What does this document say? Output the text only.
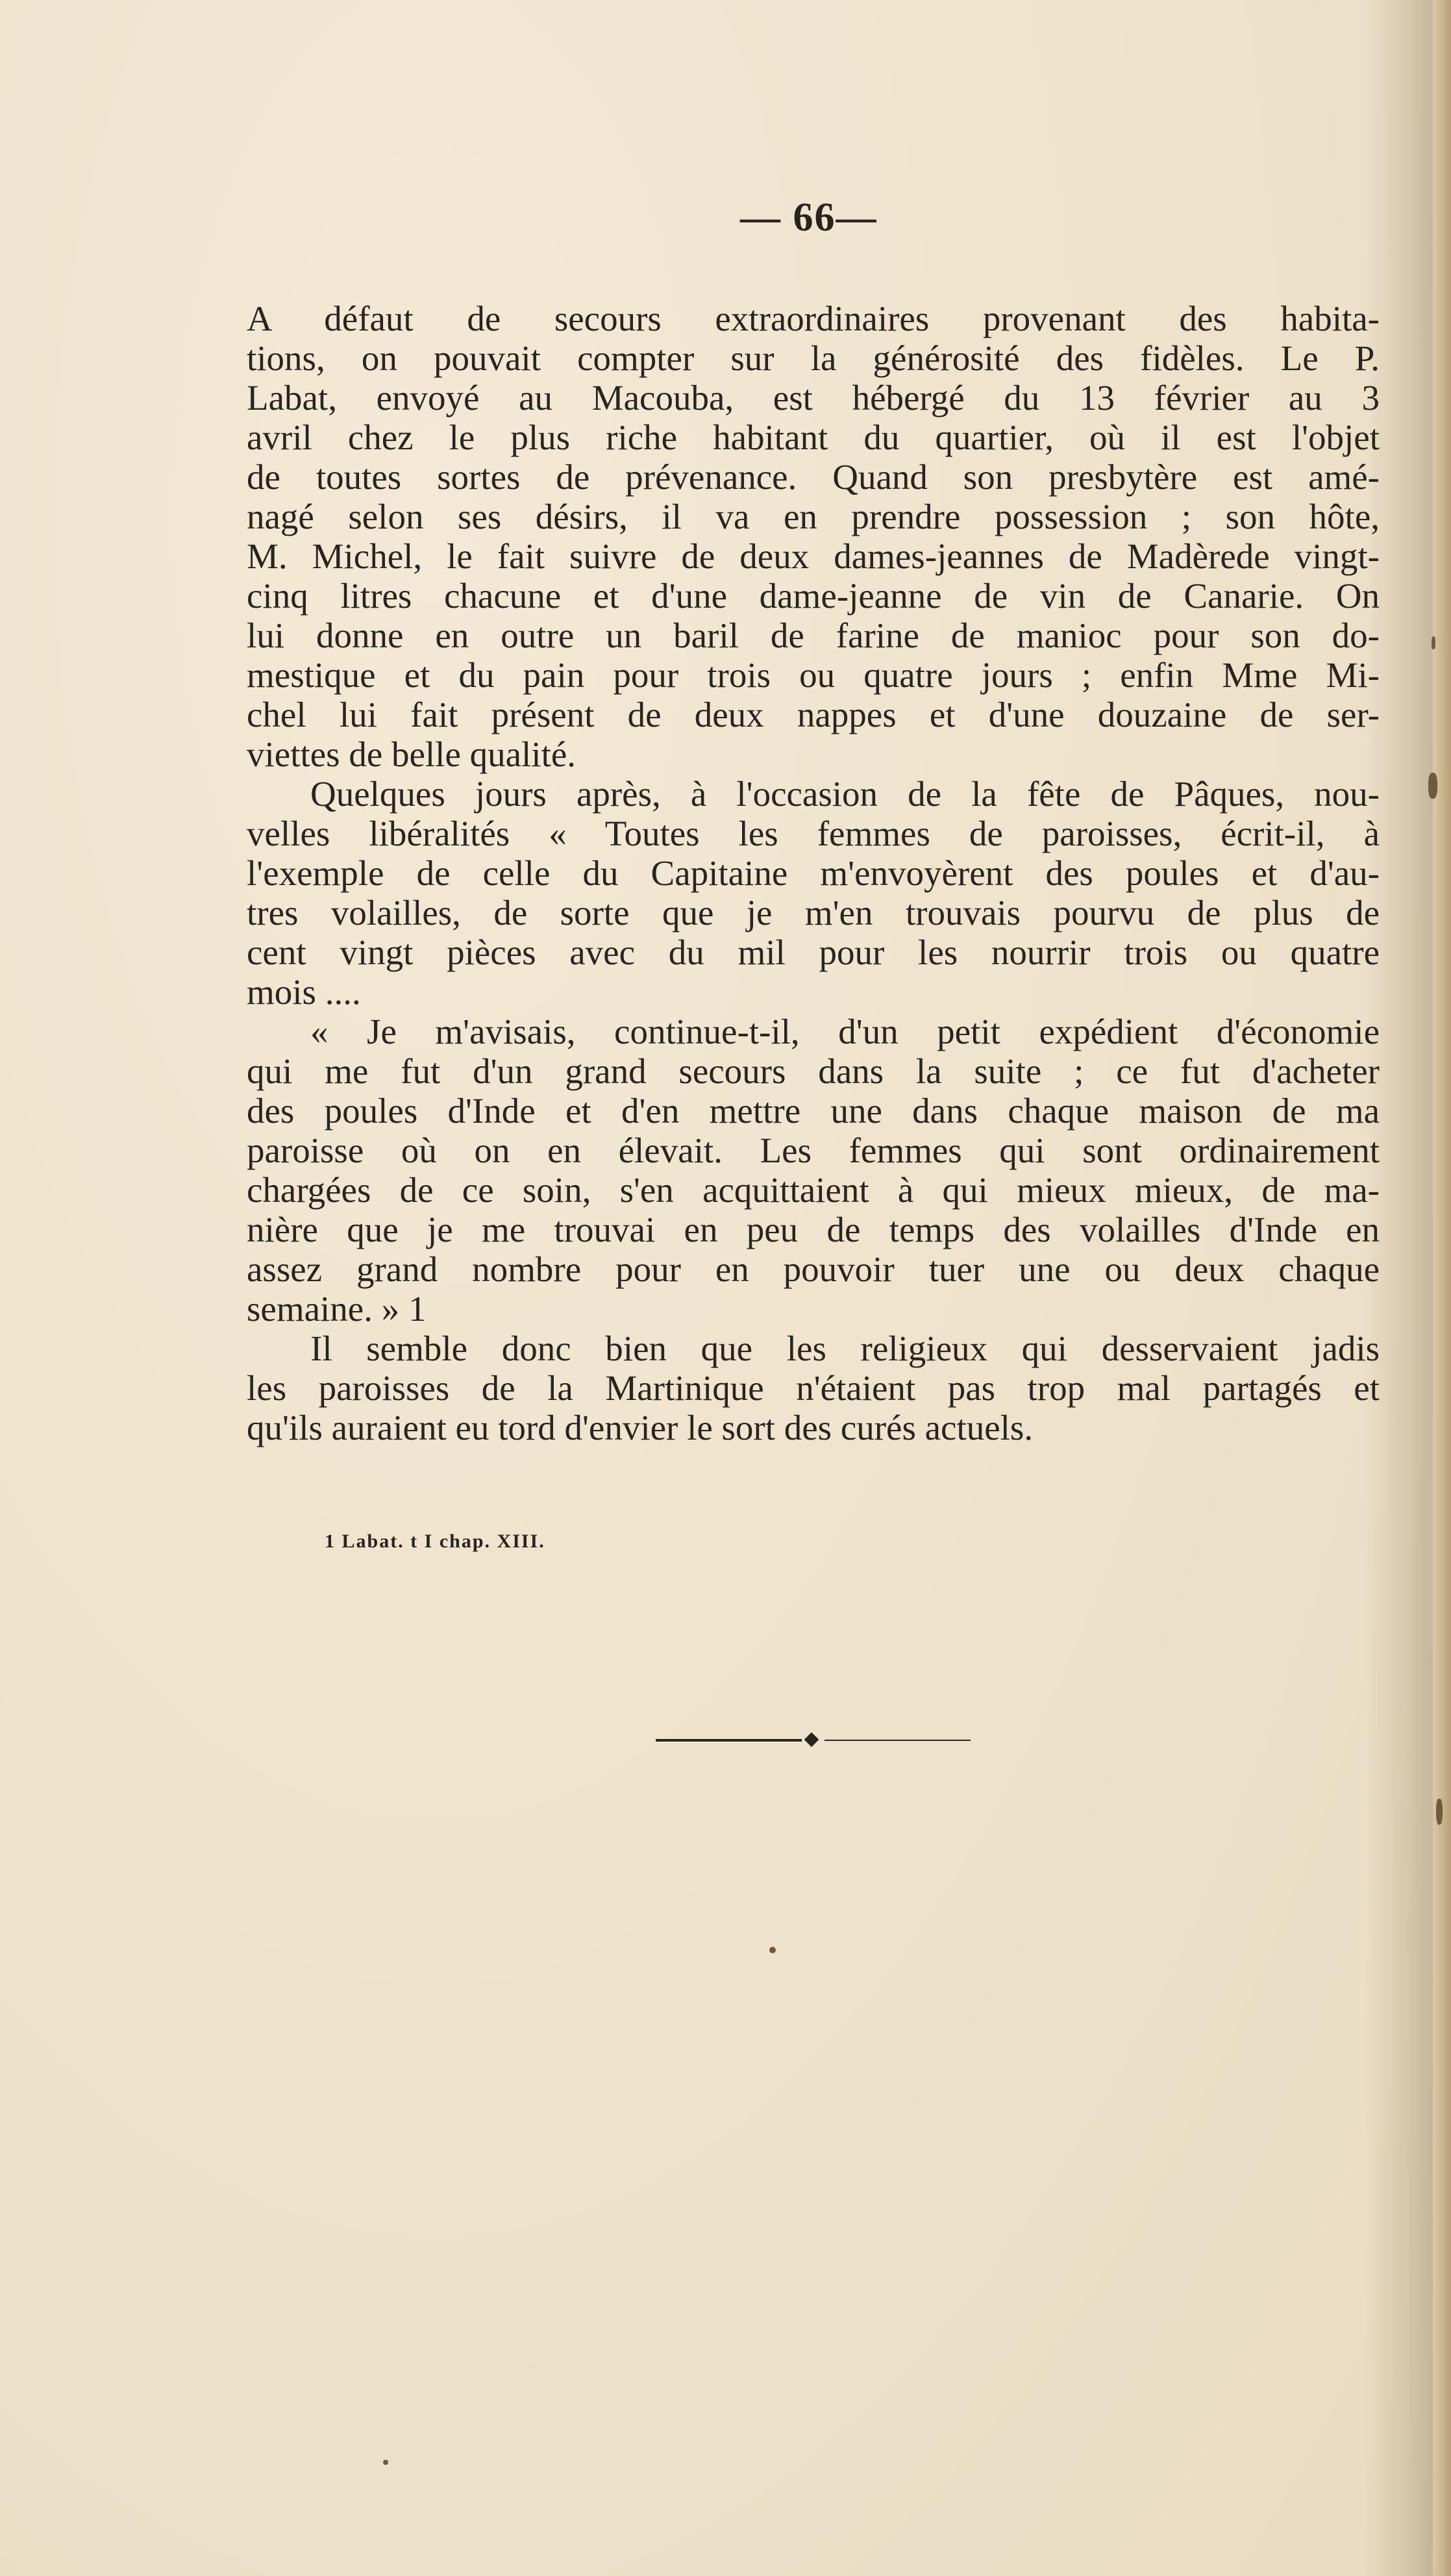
— 66—
A défaut de secours extraordinaires provenant des habita-
tions, on pouvait compter sur la générosité des fidèles. Le P.
Labat, envoyé au Macouba, est hébergé du 13 février au 3
avril chez le plus riche habitant du quartier, où il est l'objet
de toutes sortes de prévenance. Quand son presbytère est amé-
nagé selon ses désirs, il va en prendre possession ; son hôte,
M. Michel, le fait suivre de deux dames-jeannes de Madèrede vingt-
cinq litres chacune et d'une dame-jeanne de vin de Canarie. On
lui donne en outre un baril de farine de manioc pour son do-
mestique et du pain pour trois ou quatre jours ; enfin Mme Mi-
chel lui fait présent de deux nappes et d'une douzaine de ser-
viettes de belle qualité.
Quelques jours après, à l'occasion de la fête de Pâques, nou-
velles libéralités « Toutes les femmes de paroisses, écrit-il, à
l'exemple de celle du Capitaine m'envoyèrent des poules et d'au-
tres volailles, de sorte que je m'en trouvais pourvu de plus de
cent vingt pièces avec du mil pour les nourrir trois ou quatre
mois ....
« Je m'avisais, continue-t-il, d'un petit expédient d'économie
qui me fut d'un grand secours dans la suite ; ce fut d'acheter
des poules d'Inde et d'en mettre une dans chaque maison de ma
paroisse où on en élevait. Les femmes qui sont ordinairement
chargées de ce soin, s'en acquittaient à qui mieux mieux, de ma-
nière que je me trouvai en peu de temps des volailles d'Inde en
assez grand nombre pour en pouvoir tuer une ou deux chaque
semaine. » 1
Il semble donc bien que les religieux qui desservaient jadis
les paroisses de la Martinique n'étaient pas trop mal partagés et
qu'ils auraient eu tord d'envier le sort des curés actuels.
1 Labat. t I chap. XIII.
